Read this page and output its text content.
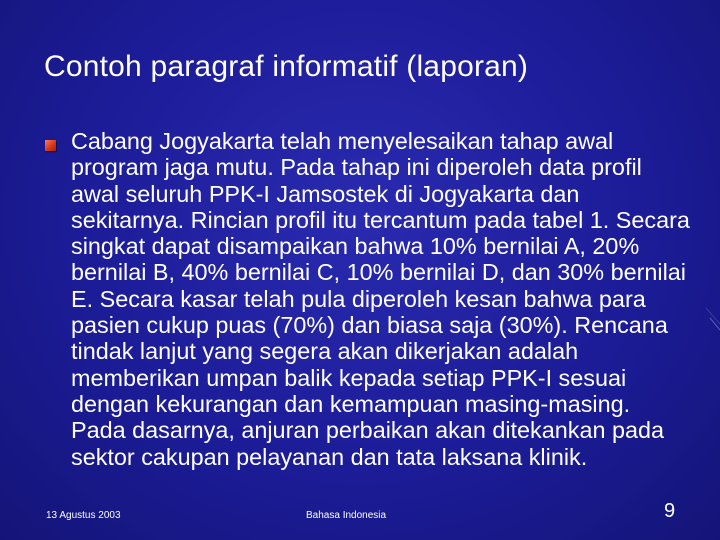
Contoh paragraf informatif (laporan)

Cabang Jogyakarta telah menyelesaikan tahap awal program jaga mutu. Pada tahap ini diperoleh data profil awal seluruh PPK-I Jamsostek di Jogyakarta dan sekitarnya. Rincian profil itu tercantum pada tabel 1. Secara singkat dapat disampaikan bahwa 10% bernilai A, 20% bernilai B, 40% bernilai C, 10% bernilai D, dan 30% bernilai E. Secara kasar telah pula diperoleh kesan bahwa para pasien cukup puas (70%) dan biasa saja (30%). Rencana tindak lanjut yang segera akan dikerjakan adalah memberikan umpan balik kepada setiap PPK-I sesuai dengan kekurangan dan kemampuan masing-masing. Pada dasarnya, anjuran perbaikan akan ditekankan pada sektor cakupan pelayanan dan tata laksana klinik.

13 Agustus 2003	Bahasa Indonesia	9
